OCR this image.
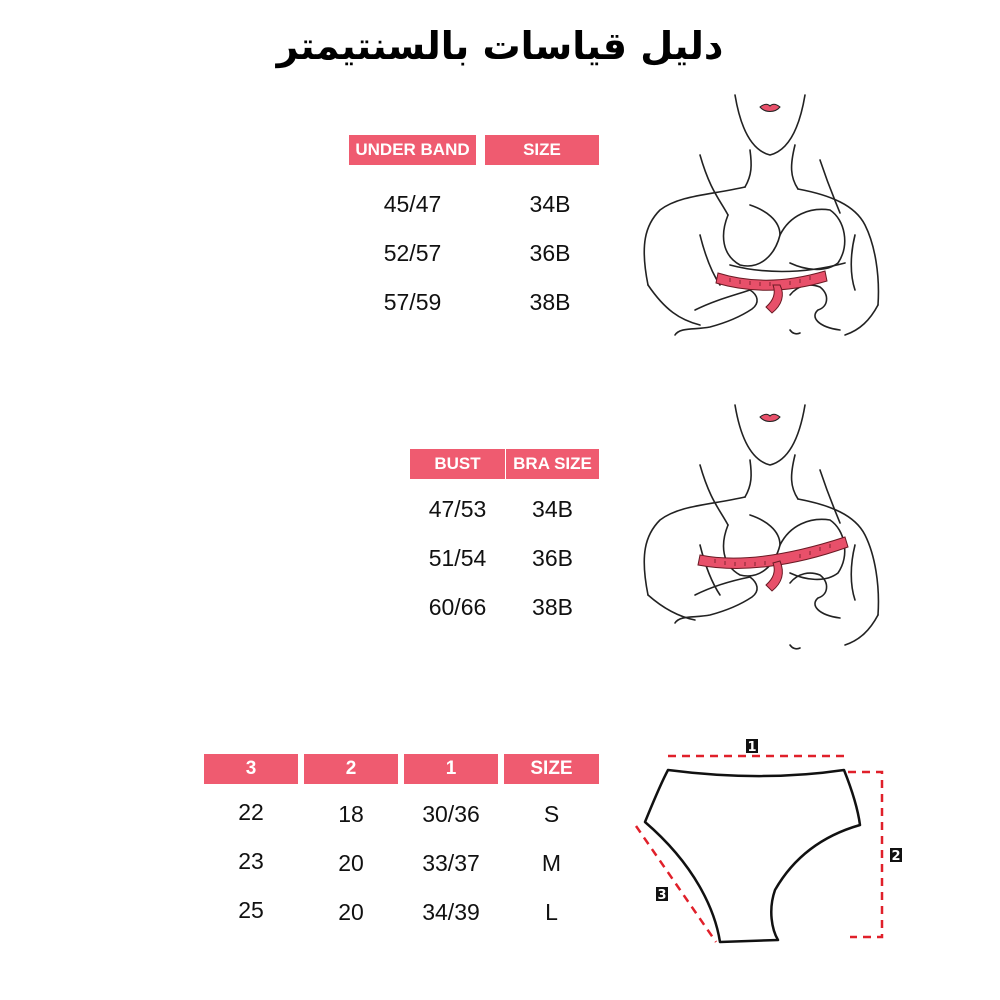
دليل قياسات بالسنتيمتر
UNDER BAND	SIZE
45/47	34B
52/57	36B
57/59	38B
BUST	BRA SIZE
47/53	34B
51/54	36B
60/66	38B
3	2	1	SIZE
22	18	30/36	S
23	20	33/37	M
25	20	34/39	L
1
2
3
